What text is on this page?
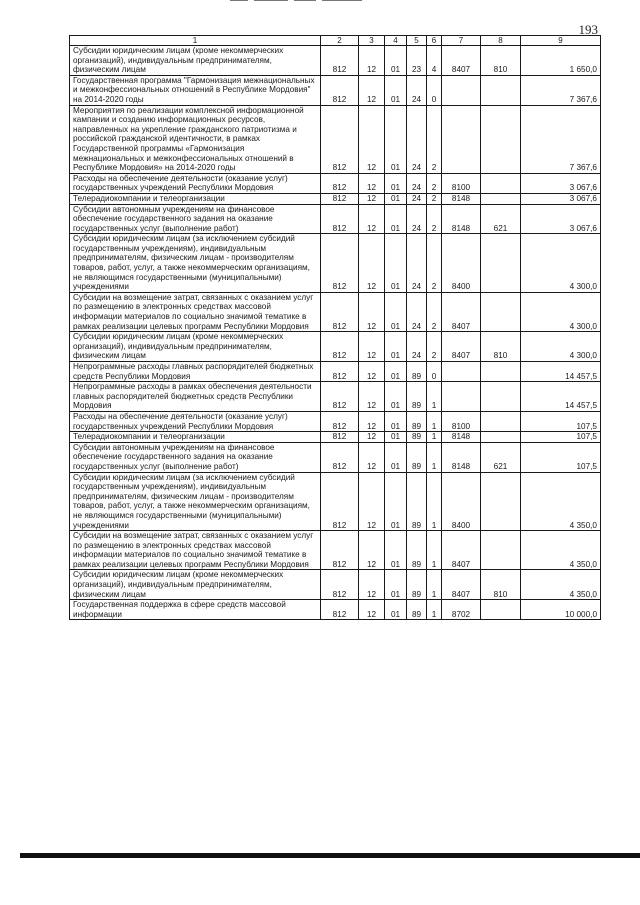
193
1	2	3	4	5	6	7	8	9
Субсидии юридическим лицам (кроме некоммерческих организаций), индивидуальным предпринимателям, физическим лицам	812	12	01	23	4	8407	810	1 650,0
Государственная программа "Гармонизация межнациональных и межконфессиональных отношений в Республике Мордовия" на 2014-2020 годы	812	12	01	24	0			7 367,6
Мероприятия по реализации комплексной информационной кампании и созданию информационных ресурсов, направленных на укрепление гражданского патриотизма и российской гражданской идентичности, в рамках Государственной программы «Гармонизация межнациональных и межконфессиональных отношений в Республике Мордовия» на 2014-2020 годы	812	12	01	24	2			7 367,6
Расходы на обеспечение деятельности (оказание услуг) государственных учреждений Республики Мордовия	812	12	01	24	2	8100		3 067,6
Телерадиокомпании и телеорганизации	812	12	01	24	2	8148		3 067,6
Субсидии автономным учреждениям на финансовое обеспечение государственного задания на оказание государственных услуг (выполнение работ)	812	12	01	24	2	8148	621	3 067,6
Субсидии юридическим лицам (за исключением субсидий государственным учреждениям), индивидуальным предпринимателям, физическим лицам - производителям товаров, работ, услуг, а также некоммерческим организациям, не являющимся государственными (муниципальными) учреждениями	812	12	01	24	2	8400		4 300,0
Субсидии на возмещение затрат, связанных с оказанием услуг по размещению в электронных средствах массовой информации материалов по социально значимой тематике в рамках реализации целевых программ Республики Мордовия	812	12	01	24	2	8407		4 300,0
Субсидии юридическим лицам (кроме некоммерческих организаций), индивидуальным предпринимателям, физическим лицам	812	12	01	24	2	8407	810	4 300,0
Непрограммные расходы главных распорядителей бюджетных средств Республики Мордовия	812	12	01	89	0			14 457,5
Непрограммные расходы в рамках обеспечения деятельности главных распорядителей бюджетных средств Республики Мордовия	812	12	01	89	1			14 457,5
Расходы на обеспечение деятельности (оказание услуг) государственных учреждений Республики Мордовия	812	12	01	89	1	8100		107,5
Телерадиокомпании и телеорганизации	812	12	01	89	1	8148		107,5
Субсидии автономным учреждениям на финансовое обеспечение государственного задания на оказание государственных услуг (выполнение работ)	812	12	01	89	1	8148	621	107,5
Субсидии юридическим лицам (за исключением субсидий государственным учреждениям), индивидуальным предпринимателям, физическим лицам - производителям товаров, работ, услуг, а также некоммерческим организациям, не являющимся государственными (муниципальными) учреждениями	812	12	01	89	1	8400		4 350,0
Субсидии на возмещение затрат, связанных с оказанием услуг по размещению в электронных средствах массовой информации материалов по социально значимой тематике в рамках реализации целевых программ Республики Мордовия	812	12	01	89	1	8407		4 350,0
Субсидии юридическим лицам (кроме некоммерческих организаций), индивидуальным предпринимателям, физическим лицам	812	12	01	89	1	8407	810	4 350,0
Государственная поддержка в сфере средств массовой информации	812	12	01	89	1	8702		10 000,0
